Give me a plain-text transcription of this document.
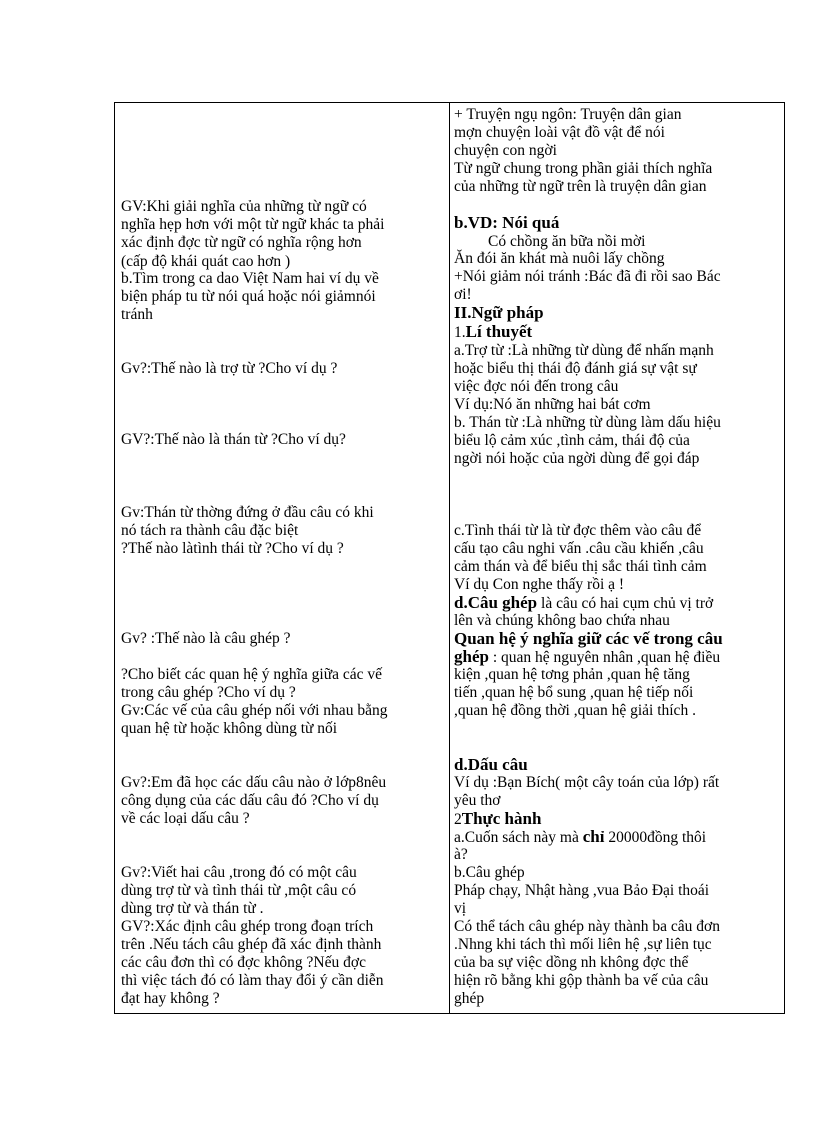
GV:Khi giải nghĩa của những từ ngữ có
nghĩa hẹp hơn với một từ ngữ khác ta phải
xác định đợc từ ngữ có nghĩa rộng hơn
(cấp độ khái quát cao hơn )
b.Tìm trong ca dao Việt Nam hai ví dụ về
biện pháp tu từ nói quá hoặc nói giảmnói
tránh
Gv?:Thế nào là trợ từ ?Cho ví dụ ?
GV?:Thế nào là thán từ ?Cho ví dụ?
Gv:Thán từ thờng đứng ở đầu câu có khi
nó tách ra thành câu đặc biệt
?Thế nào làtình thái từ ?Cho ví dụ ?
Gv? :Thế nào là câu ghép ?
?Cho biết các quan hệ ý nghĩa giữa các vế
trong câu ghép ?Cho ví dụ ?
Gv:Các vế của câu ghép nối với nhau bằng
quan hệ từ hoặc không dùng từ nối
Gv?:Em đã học các dấu câu nào ở lớp8nêu
công dụng của các dấu câu đó ?Cho ví dụ
về các loại dấu câu ?
Gv?:Viết hai câu ,trong đó có một câu
dùng trợ từ và tình thái từ ,một câu có
dùng trợ từ và thán từ .
GV?:Xác định câu ghép trong đoạn trích
trên .Nếu tách câu ghép đã xác định thành
các câu đơn thì có đợc không ?Nếu đợc
thì việc tách đó có làm thay đổi ý cần diễn
đạt hay không ?
+ Truyện ngụ ngôn: Truyện dân gian
mợn chuyện loài vật đồ vật để nói
chuyện con ngời
Từ ngữ chung trong phần giải thích nghĩa
của những từ ngữ trên là truyện dân gian
b.VD: Nói quá
Có chồng ăn bữa nồi mời
Ăn đói ăn khát mà nuôi lấy chồng
+Nói giảm nói tránh :Bác đã đi rồi sao Bác
ơi!
II.Ngữ pháp
1.Lí thuyết
a.Trợ từ :Là những từ dùng để nhấn mạnh
hoặc biểu thị thái độ đánh giá sự vật sự
việc đợc nói đến trong câu
Ví dụ:Nó ăn những hai bát cơm
b. Thán từ :Là những từ dùng làm dấu hiệu
biểu lộ cảm xúc ,tình cảm, thái độ của
ngời nói hoặc của ngời dùng để gọi đáp
c.Tình thái từ là từ đợc thêm vào câu để
cấu tạo câu nghi vấn .câu cầu khiến ,câu
cảm thán và để biểu thị sắc thái tình cảm
Ví dụ Con nghe thấy rồi ạ !
d.Câu ghép là câu có hai cụm chủ vị trở
lên và chúng không bao chứa nhau
Quan hệ ý nghĩa giữ các vế trong câu
ghép : quan hệ nguyên nhân ,quan hệ điều
kiện ,quan hệ tơng phản ,quan hệ tăng
tiến ,quan hệ bổ sung ,quan hệ tiếp nối
,quan hệ đồng thời ,quan hệ giải thích .
d.Dấu câu
Ví dụ :Bạn Bích( một cây toán của lớp) rất
yêu thơ
2Thực hành
a.Cuốn sách này mà chỉ 20000đồng thôi
à?
b.Câu ghép
Pháp chạy, Nhật hàng ,vua Bảo Đại thoái
vị
Có thể tách câu ghép này thành ba câu đơn
.Nhng khi tách thì mối liên hệ ,sự liên tục
của ba sự việc dồng nh không đợc thể
hiện rõ bằng khi gộp thành ba vế của câu
ghép
